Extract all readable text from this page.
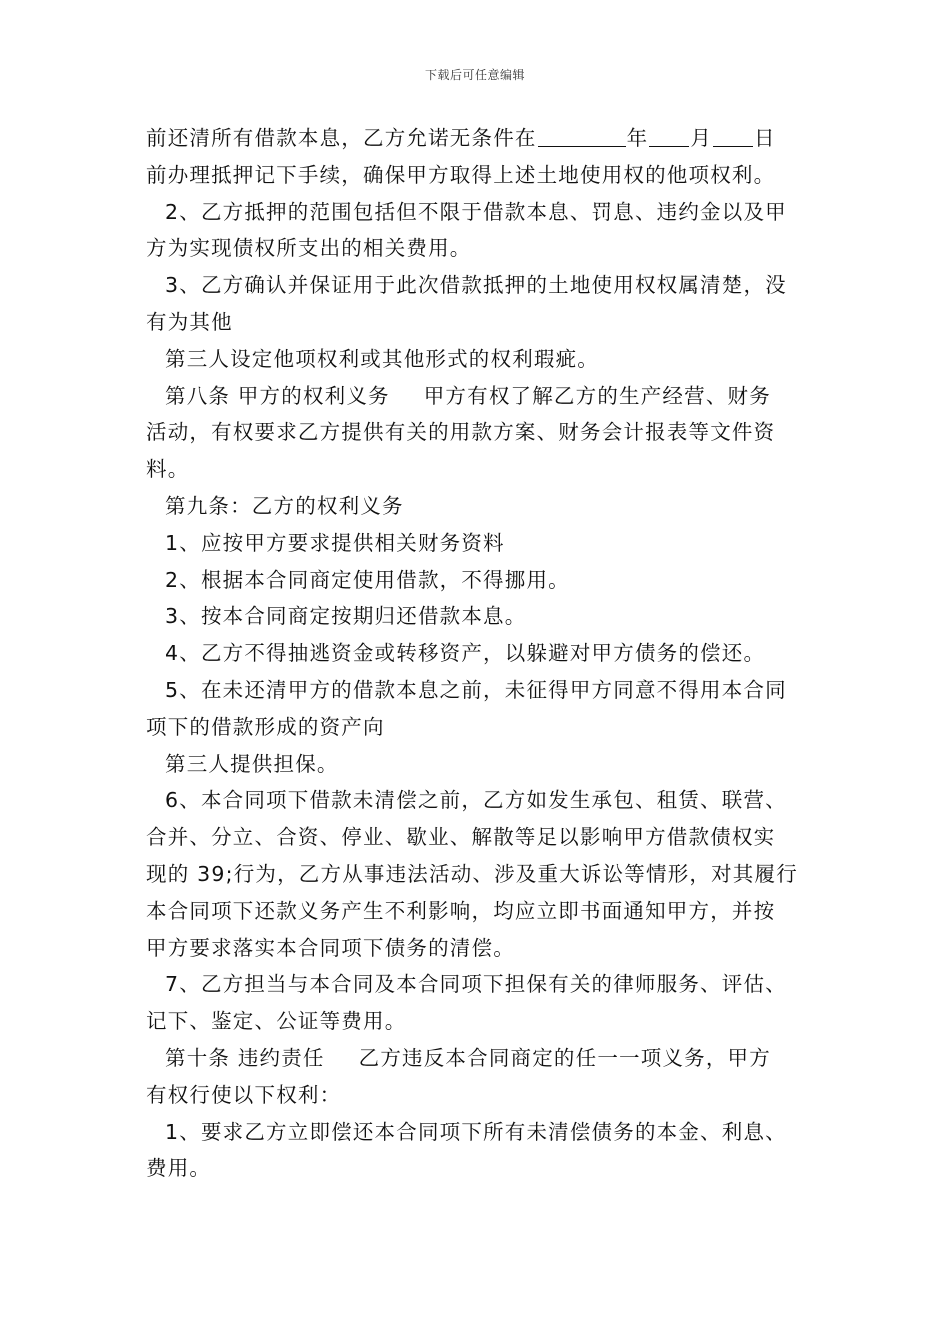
下载后可任意编辑
前还清所有借款本息，乙方允诺无条件在	年 月 日
前办理抵押记下手续，确保甲方取得上述土地使用权的他项权利。
2、乙方抵押的范围包括但不限于借款本息、罚息、违约金以及甲
方为实现债权所支出的相关费用。
3、乙方确认并保证用于此次借款抵押的土地使用权权属清楚，没
有为其他
第三人设定他项权利或其他形式的权利瑕疵。
第八条 甲方的权利义务 甲方有权了解乙方的生产经营、财务
活动，有权要求乙方提供有关的用款方案、财务会计报表等文件资
料。
第九条：乙方的权利义务
1、应按甲方要求提供相关财务资料
2、根据本合同商定使用借款，不得挪用。
3、按本合同商定按期归还借款本息。
4、乙方不得抽逃资金或转移资产，以躲避对甲方债务的偿还。
5、在未还清甲方的借款本息之前，未征得甲方同意不得用本合同
项下的借款形成的资产向
第三人提供担保。
6、本合同项下借款未清偿之前，乙方如发生承包、租赁、联营、
合并、分立、合资、停业、歇业、解散等足以影响甲方借款债权实
现的 39;行为，乙方从事违法活动、涉及重大诉讼等情形，对其履行
本合同项下还款义务产生不利影响，均应立即书面通知甲方，并按
甲方要求落实本合同项下债务的清偿。
7、乙方担当与本合同及本合同项下担保有关的律师服务、评估、
记下、鉴定、公证等费用。
第十条 违约责任 乙方违反本合同商定的任一一项义务，甲方
有权行使以下权利：
1、要求乙方立即偿还本合同项下所有未清偿债务的本金、利息、
费用。
